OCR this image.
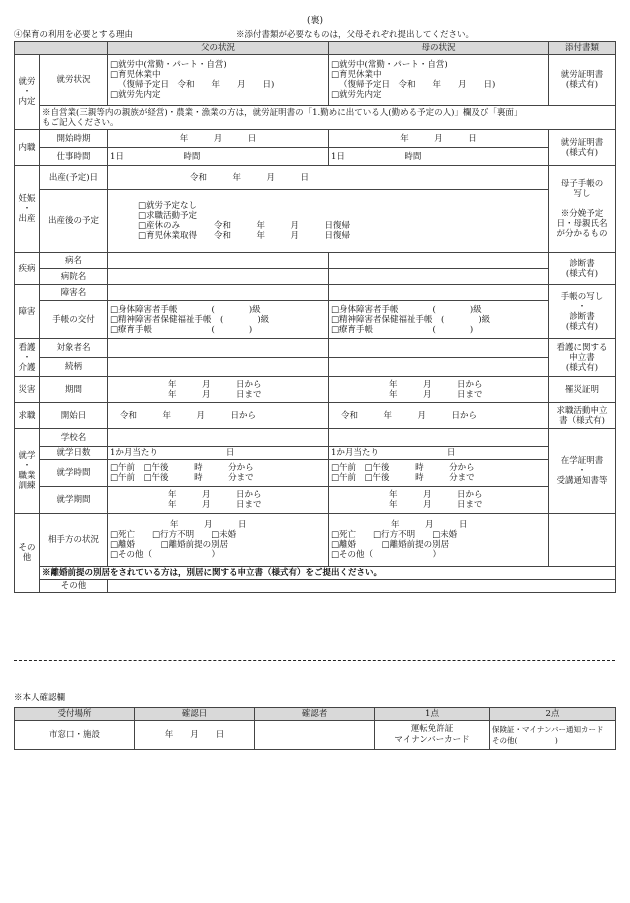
(裏)
④保育の利用を必要とする理由	※添付書類が必要なものは，父母それぞれ提出してください。
		父の状況	母の状況	添付書類

就労
・
内定	就労状況	□就労中(常勤・パート・自営)
□育児休業中
（復帰予定日　令和　　年　　月　　日)
□就労先内定	□就労中(常勤・パート・自営)
□育児休業中
（復帰予定日　令和　　年　　月　　日)
□就労先内定	就労証明書
(様式有)

	※自営業(三親等内の親族が経営)・農業・漁業の方は，就労証明書の「1.勤めに出ている人(勤める予定の人)」欄及び「裏面」
もご記入ください。			

内職	開始時期	年　　　月　　　日	年　　　月　　　日	就労証明書
(様式有)

	仕事時間	1日　　　　　　　時間	1日　　　　　　　時間	

妊娠
・
出産	出産(予定)日	令和　　　年　　　月　　　日		母子手帳の
写し

※分娩予定
日・母親氏名
が分かるもの

	出産後の予定	□就労予定なし
□求職活動予定
□産休のみ　　　　令和　　　年　　　月　　　日復帰
□育児休業取得　　令和　　　年　　　月　　　日復帰		

疾病	病名			診断書
(様式有)

	病院名			
障害	障害名			手帳の写し
・
診断書
(様式有)

	手帳の交付	□身体障害者手帳　　　　(　　　　)級
□精神障害者保健福祉手帳　(　　　　)級
□療育手帳　　　　　　　(　　　　)	□身体障害者手帳　　　　(　　　　)級
□精神障害者保健福祉手帳　(　　　　)級
□療育手帳　　　　　　　(　　　　)	

看護
・
介護	対象者名			看護に関する
申立書
(様式有)

	続柄			
災害	期間	年　　　月　　　日から
年　　　月　　　日まで	年　　　月　　　日から
年　　　月　　　日まで	罹災証明
求職	開始日	令和　　　年　　　月　　　日から	令和　　　年　　　月　　　日から	求職活動申立
書（様式有)

就学
・
職業
訓練	学校名			在学証明書
・
受講通知書等

	就学日数	1か月当たり　　　　　　　　日	1か月当たり　　　　　　　　日	
	就学時間	□午前　□午後　　　時　　　分から
□午前　□午後　　　時　　　分まで	□午前　□午後　　　時　　　分から
□午前　□午後　　　時　　　分まで	

	就学期間	年　　　月　　　日から
年　　　月　　　日まで	年　　　月　　　日から
年　　　月　　　日まで	

その他	相手方の状況	年　　　月　　　日
□死亡　　□行方不明　　□未婚
□離婚　　　□離婚前提の別居
□その他（　　　　　　　）	年　　　月　　　日
□死亡　　□行方不明　　□未婚
□離婚　　　□離婚前提の別居
□その他（　　　　　　　）	

	※離婚前提の別居をされている方は，別居に関する申立書（様式有）をご提出ください。			
	その他			
※本人確認欄
受付場所	確認日	確認者	1点	2点
市窓口・施設	年　　月　　日		運転免許証
マイナンバーカード	保険証・マイナンバー通知カード
その他(　　　　　)
